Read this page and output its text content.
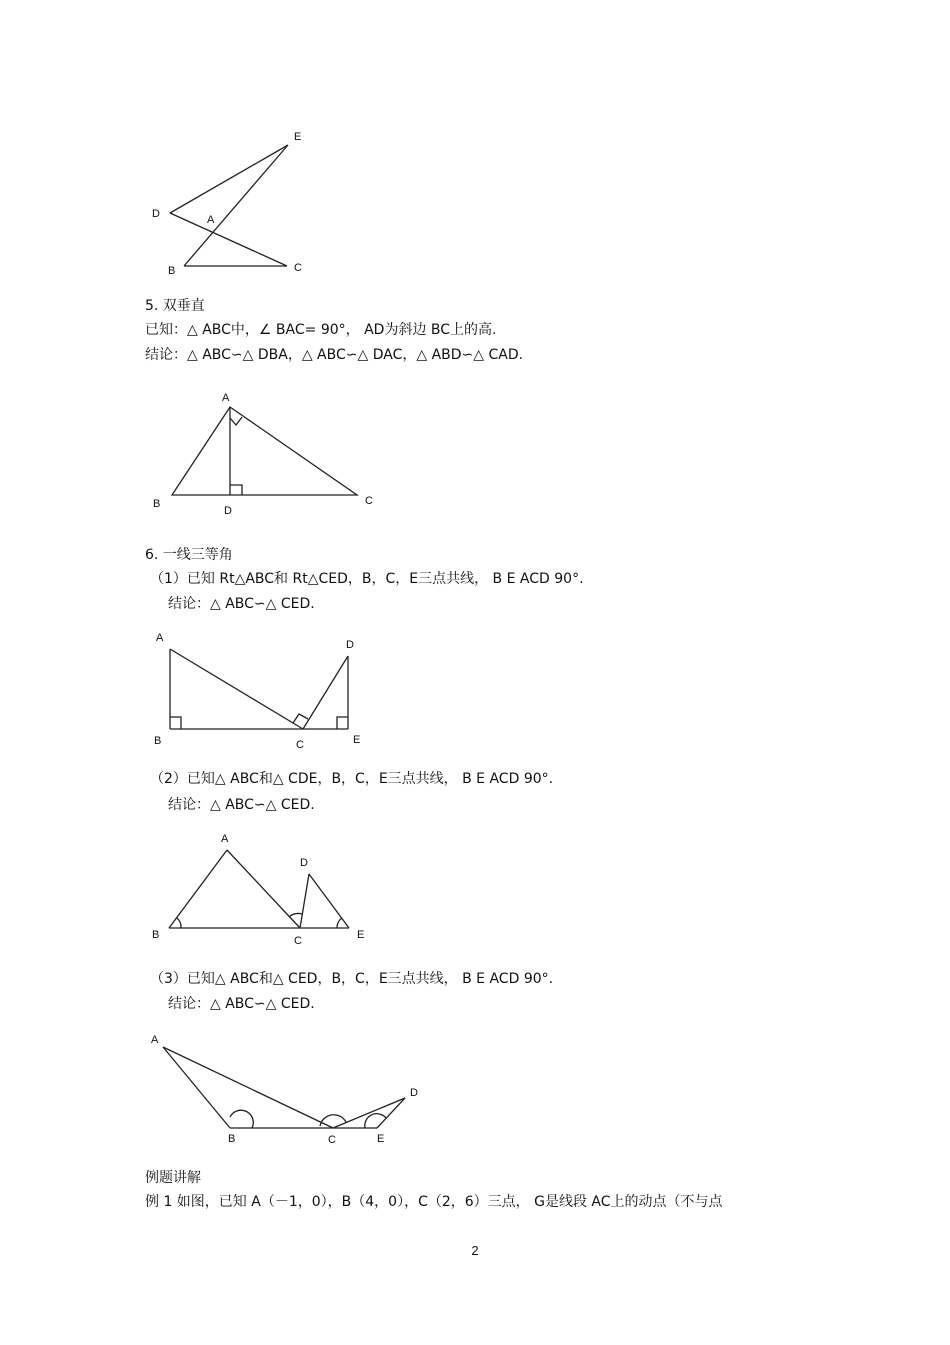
E
D	A
B	C
5. 双垂直
已知：△ ABC中，∠ BAC= 90°， AD为斜边 BC上的高.
结论：△ ABC∽△ DBA，△ ABC∽△ DAC，△ ABD∽△ CAD.
A
B
D
C
6. 一线三等角
（1）已知 Rt△ABC和 Rt△CED，B，C，E三点共线， B E ACD 90°.
结论：△ ABC∽△ CED.
A
D
B	C	E
（2）已知△ ABC和△ CDE，B，C，E三点共线， B E ACD 90°.
结论：△ ABC∽△ CED.
A
D
B	C	E
（3）已知△ ABC和△ CED，B，C，E三点共线， B E ACD 90°.
结论：△ ABC∽△ CED.
A
D
B	C	E
例题讲解
例 1 如图，已知 A（－1，0），B（4，0），C（2，6）三点， G是线段 AC上的动点（不与点
2
